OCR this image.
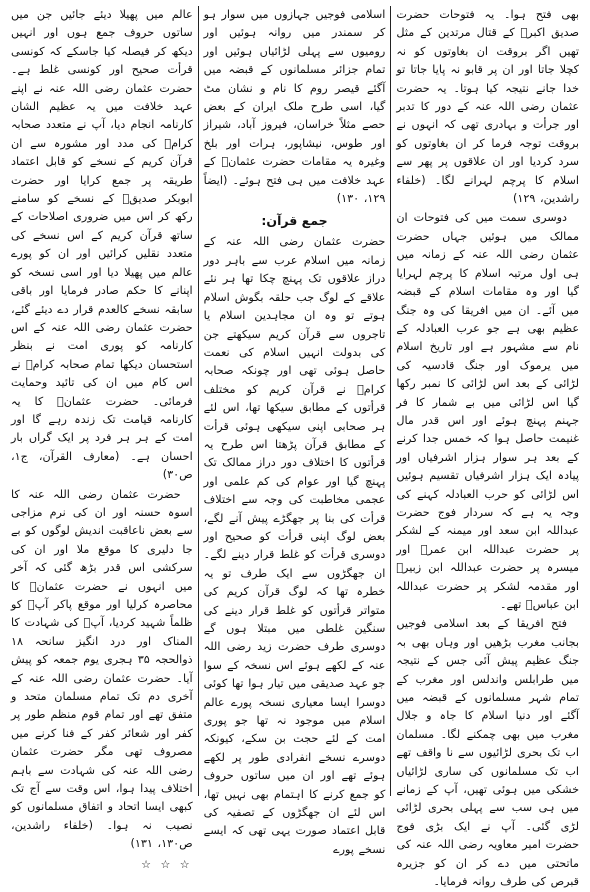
بھی فتح ہوا۔ یہ فتوحات حضرت صدیق اکبرؓ کے قتال مرتدین کے مثل تھیں اگر بروقت ان بغاوتوں کو نہ کچلا جاتا اور ان پر قابو نہ پایا جاتا تو خدا جانے نتیجہ کیا ہوتا۔ یہ حضرت عثمان رضی اللہ عنہ کے دور کا تدبر اور جرأت و بہادری تھی کہ انہوں نے بروقت توجہ فرما کر ان بغاوتوں کو سرد کردیا اور ان علاقوں پر پھر سے اسلام کا پرچم لہرانے لگا۔ (خلفاء راشدین، ۱۲۹)

دوسری سمت میں کی فتوحات ان ممالک میں ہوئیں جہاں حضرت عثمان رضی اللہ عنہ کے زمانہ میں ہی اول مرتبہ اسلام کا پرچم لہرایا گیا اور وہ مقامات اسلام کے قبضہ میں آئے۔ ان میں افریقا کی وہ جنگ عظیم بھی ہے جو عرب العبادلہ کے نام سے مشہور ہے اور تاریخ اسلام میں یرموک اور جنگ قادسیہ کی لڑائی کے بعد اس لڑائی کا نمبر رکھا گیا اس لڑائی میں بے شمار کا فر جہنم پہنچ ہوئے اور اس قدر مال غنیمت حاصل ہوا کہ خمس جدا کرنے کے بعد ہر سوار ہزار اشرفیاں اور پیادہ ایک ہزار اشرفیاں تقسیم ہوئیں اس لڑائی کو حرب العبادلہ کہنے کی وجہ یہ ہے کہ سردار فوج حضرت عبداللہ ابن سعد اور میمنہ کے لشکر پر حضرت عبداللہ ابن عمرؓ اور میسرہ پر حضرت عبداللہ ابن زبیرؓ اور مقدمہ لشکر پر حضرت عبداللہ ابن عباسؓ تھے۔

فتح افریقا کے بعد اسلامی فوجیں بجانب مغرب بڑھیں اور وہاں بھی بہ جنگ عظیم پیش آئی جس کے نتیجہ میں طرابلس واندلس اور مغرب کے تمام شہر مسلمانوں کے قبضہ میں آگئے اور دنیا اسلام کا جاہ و جلال مغرب میں بھی چمکنے لگا۔ مسلمان اب تک بحری لڑائیوں سے نا واقف تھے اب تک مسلمانوں کی ساری لڑائیاں خشکی میں ہوئی تھیں، آپ کے زمانے میں ہی سب سے پہلی بحری لڑائی لڑی گئی۔ آپ نے ایک بڑی فوج حضرت امیر معاویہ رضی اللہ عنہ کی ماتحتی میں دے کر ان کو جزیرہ قبرص کی طرف روانہ فرمایا۔

اسلامی فوجیں جہازوں میں سوار ہو کر سمندر میں روانہ ہوئیں اور رومیوں سے پہلی لڑائیاں ہوئیں اور تمام جزائر مسلمانوں کے قبضہ میں آگئے قیصر روم کا نام و نشان مٹ گیا، اسی طرح ملک ایران کے بعض حصے مثلاً خراسان، فیروز آباد، شیراز اور طوس، نیشاپور، ہرات اور بلخ وغیرہ یہ مقامات حضرت عثمانؓ کے عہد خلافت میں ہی فتح ہوئے۔ (ایضاً ۱۲۹، ۱۳۰)

جمع قرآن:

حضرت عثمان رضی اللہ عنہ کے زمانہ میں اسلام عرب سے باہر دور دراز علاقوں تک پہنچ چکا تھا ہر نئے علاقے کے لوگ جب حلقہ بگوش اسلام ہوتے تو وہ ان مجاہدین اسلام یا تاجروں سے قرآن کریم سیکھتے جن کی بدولت انہیں اسلام کی نعمت حاصل ہوئی تھی اور چونکہ صحابہ کرامؓ نے قرآن کریم کو مختلف قرأتوں کے مطابق سیکھا تھا، اس لئے ہر صحابی اپنی سیکھی ہوئی قرأت کے مطابق قرآن پڑھتا اس طرح یہ قرأتوں کا اختلاف دور دراز ممالک تک پہنچ گیا اور عوام کی کم علمی اور عجمی مخاطبت کی وجہ سے اختلاف قرأت کی بنا پر جھگڑے پیش آنے لگے، بعض لوگ اپنی قرأت کو صحیح اور دوسری قرأت کو غلط قرار دینے لگے۔ ان جھگڑوں سے ایک طرف تو یہ خطرہ تھا کہ لوگ قرآن کریم کی متواتر قرأتوں کو غلط قرار دینے کی سنگین غلطی میں مبتلا ہوں گے دوسری طرف حضرت زید رضی اللہ عنہ کے لکھے ہوئے اس نسخہ کے سوا جو عہد صدیقی میں تیار ہوا تھا کوئی دوسرا ایسا معیاری نسخہ پورے عالم اسلام میں موجود نہ تھا جو پوری امت کے لئے حجت بن سکے، کیونکہ دوسرے نسخے انفرادی طور پر لکھے ہوئے تھے اور ان میں ساتوں حروف کو جمع کرنے کا اہتمام بھی نہیں تھا، اس لئے ان جھگڑوں کے تصفیہ کی قابل اعتماد صورت یہی تھی کہ ایسے نسخے پورے

عالم میں پھیلا دیئے جائیں جن میں ساتوں حروف جمع ہوں اور انہیں دیکھ کر فیصلہ کیا جاسکے کہ کونسی قرأت صحیح اور کونسی غلط ہے۔ حضرت عثمان رضی اللہ عنہ نے اپنے عہد خلافت میں یہ عظیم الشان کارنامہ انجام دیا، آپ نے متعدد صحابہ کرامؓ کی مدد اور مشورہ سے ان قرآن کریم کے نسخے کو قابل اعتماد طریقہ پر جمع کرایا اور حضرت ابوبکر صدیقؓ کے نسخے کو سامنے رکھ کر اس میں ضروری اصلاحات کے ساتھ قرآن کریم کے اس نسخے کی متعدد نقلیں کرائیں اور ان کو پورے عالم میں پھیلا دیا اور اسی نسخہ کو اپنانے کا حکم صادر فرمایا اور باقی سابقہ نسخے کالعدم قرار دے دیئے گئے، حضرت عثمان رضی اللہ عنہ کے اس کارنامہ کو پوری امت نے بنظر استحسان دیکھا تمام صحابہ کرامؓ نے اس کام میں ان کی تائید وحمایت فرمائی۔ حضرت عثمانؓ کا یہ کارنامہ قیامت تک زندہ رہے گا اور امت کے ہر ہر فرد پر ایک گراں بار احسان ہے۔ (معارف القرآن، ج۱، ص۳۰)

حضرت عثمان رضی اللہ عنہ کا اسوہ حسنہ اور ان کی نرم مزاجی سے بعض ناعاقبت اندیش لوگوں کو بے جا دلیری کا موقع ملا اور ان کی سرکشی اس قدر بڑھ گئی کہ آخر میں انہوں نے حضرت عثمانؓ کا محاصرہ کرلیا اور موقع پاکر آپؓ کو ظلماً شہید کردیا، آپؓ کی شہادت کا المناک اور درد انگیز سانحہ ۱۸ ذوالحجہ ۳۵ ہجری یوم جمعہ کو پیش آیا۔ حضرت عثمان رضی اللہ عنہ کے آخری دم تک تمام مسلمان متحد و متفق تھے اور تمام قوم منظم طور پر کفر اور شعائر کفر کے فنا کرنے میں مصروف تھی مگر حضرت عثمان رضی اللہ عنہ کی شہادت سے باہم اختلاف پیدا ہوا، اس وقت سے آج تک کبھی ایسا اتحاد و اتفاق مسلمانوں کو نصیب نہ ہوا۔ (خلفاء راشدین، ص۱۳۰، ۱۳۱)

☆ ☆ ☆
